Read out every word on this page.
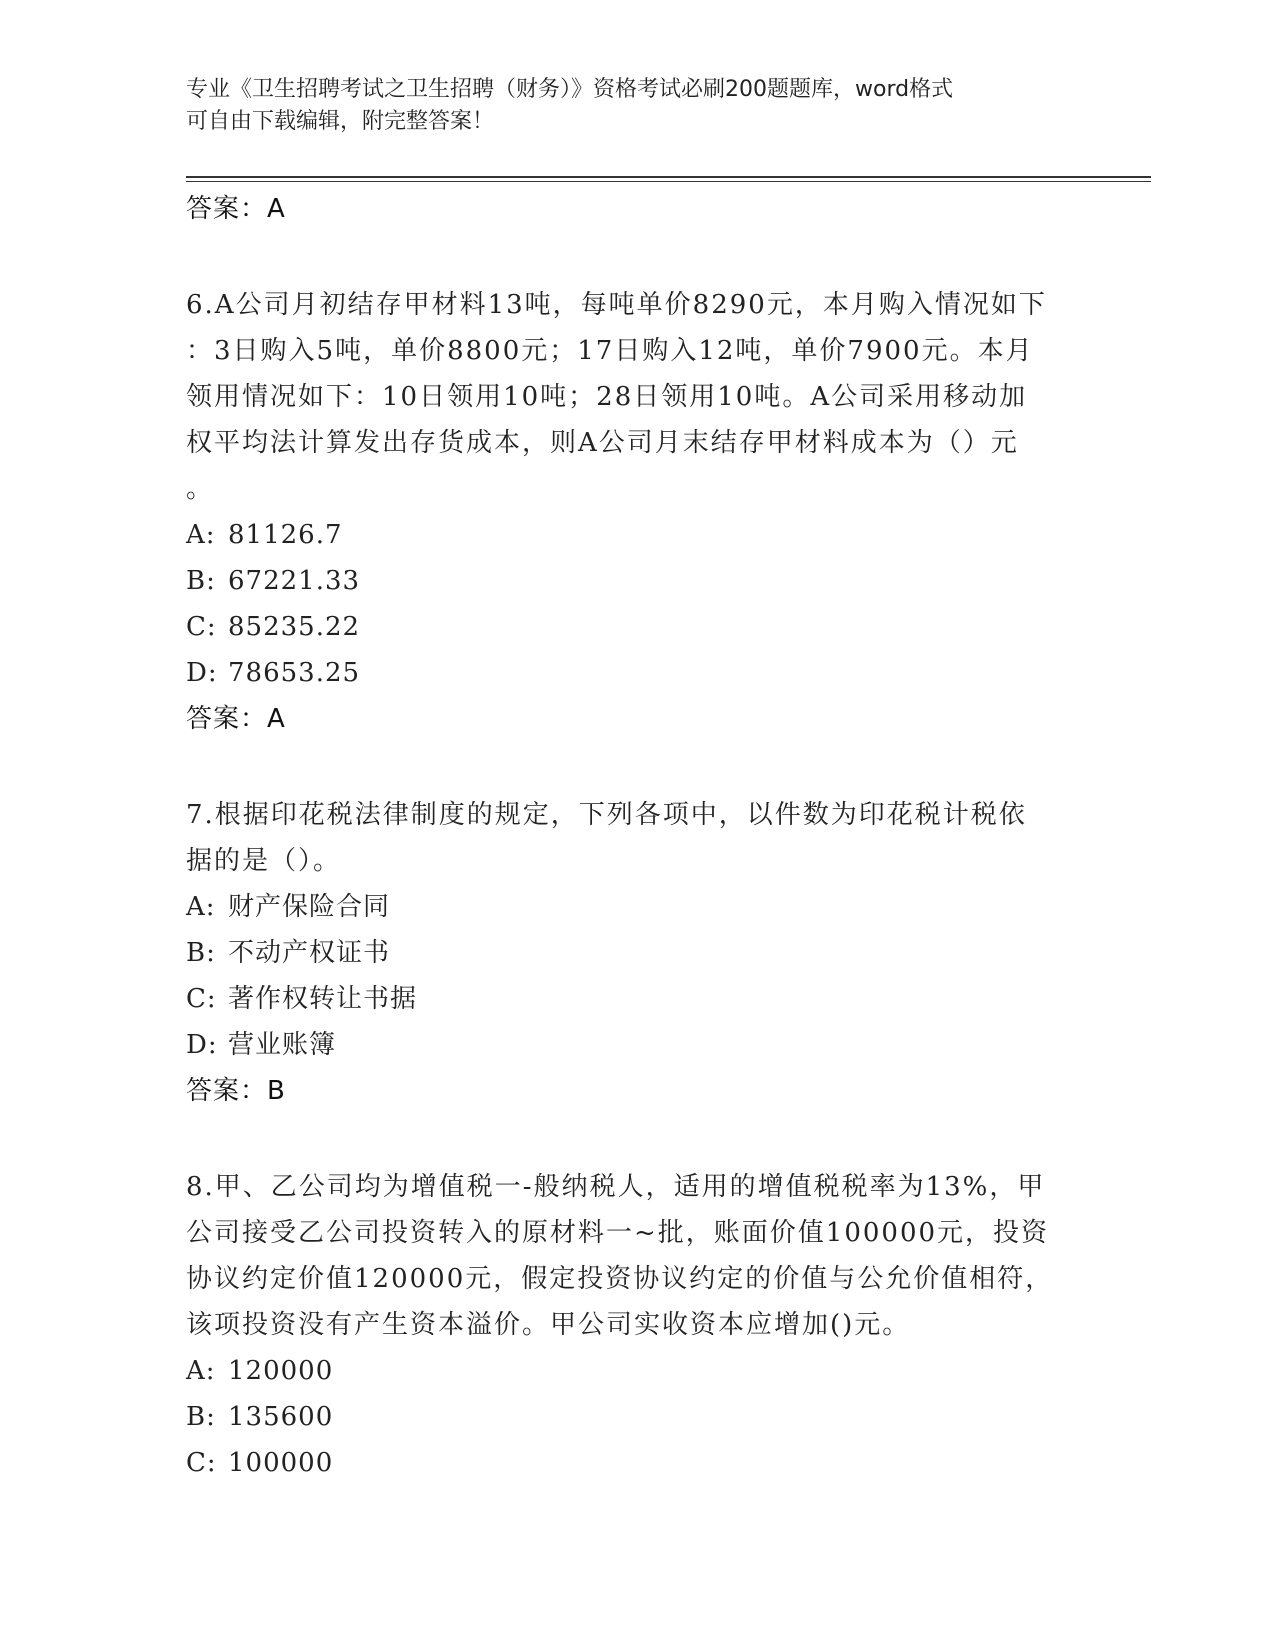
专业《卫生招聘考试之卫生招聘（财务）》资格考试必刷200题题库，word格式
可自由下载编辑，附完整答案！
答案：A
6.A公司月初结存甲材料13吨，每吨单价8290元，本月购入情况如下
：3日购入5吨，单价8800元；17日购入12吨，单价7900元。本月
领用情况如下：10日领用10吨；28日领用10吨。A公司采用移动加
权平均法计算发出存货成本，则A公司月末结存甲材料成本为（）元
。
A: 81126.7
B: 67221.33
C: 85235.22
D: 78653.25
答案：A
7.根据印花税法律制度的规定，下列各项中，以件数为印花税计税依
据的是（）。
A: 财产保险合同
B: 不动产权证书
C: 著作权转让书据
D: 营业账簿
答案：B
8.甲、乙公司均为增值税一-般纳税人，适用的增值税税率为13%，甲
公司接受乙公司投资转入的原材料一~批，账面价值100000元，投资
协议约定价值120000元，假定投资协议约定的价值与公允价值相符，
该项投资没有产生资本溢价。甲公司实收资本应增加()元。
A: 120000
B: 135600
C: 100000
